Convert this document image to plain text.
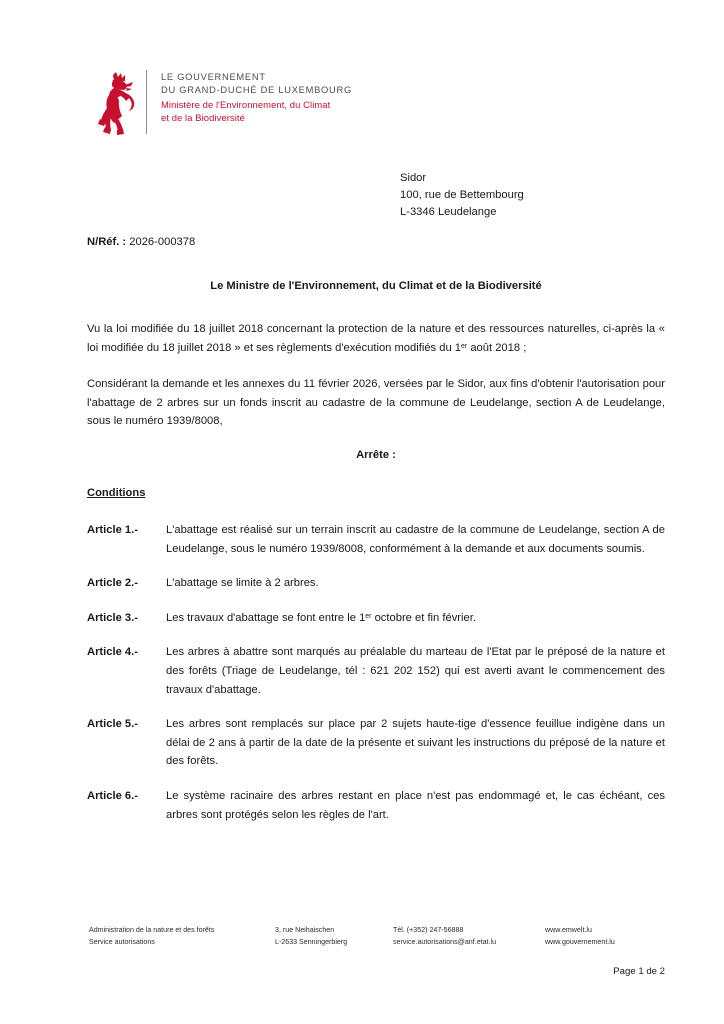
LE GOUVERNEMENT
DU GRAND-DUCHÉ DE LUXEMBOURG
Ministère de l'Environnement, du Climat
et de la Biodiversité
Sidor
100, rue de Bettembourg
L-3346 Leudelange
N/Réf. : 2026-000378
Le Ministre de l'Environnement, du Climat et de la Biodiversité

Vu la loi modifiée du 18 juillet 2018 concernant la protection de la nature et des ressources naturelles, ci-après la « loi modifiée du 18 juillet 2018 » et ses règlements d'exécution modifiés du 1er août 2018 ;

Considérant la demande et les annexes du 11 février 2026, versées par le Sidor, aux fins d'obtenir l'autorisation pour l'abattage de 2 arbres sur un fonds inscrit au cadastre de la commune de Leudelange, section A de Leudelange, sous le numéro 1939/8008,

Arrête :
Conditions
Article 1.-	L'abattage est réalisé sur un terrain inscrit au cadastre de la commune de Leudelange, section A de Leudelange, sous le numéro 1939/8008, conformément à la demande et aux documents soumis.
Article 2.-	L'abattage se limite à 2 arbres.
Article 3.-	Les travaux d'abattage se font entre le 1er octobre et fin février.
Article 4.-	Les arbres à abattre sont marqués au préalable du marteau de l'Etat par le préposé de la nature et des forêts (Triage de Leudelange, tél : 621 202 152) qui est averti avant le commencement des travaux d'abattage.
Article 5.-	Les arbres sont remplacés sur place par 2 sujets haute-tige d'essence feuillue indigène dans un délai de 2 ans à partir de la date de la présente et suivant les instructions du préposé de la nature et des forêts.
Article 6.-	Le système racinaire des arbres restant en place n'est pas endommagé et, le cas échéant, ces arbres sont protégés selon les règles de l'art.
Administration de la nature et des forêts
Service autorisations
3, rue Neihaischen
L-2633 Senningerbierg
Tél. (+352) 247-56888
service.autorisations@anf.etat.lu
www.emwelt.lu
www.gouvernement.lu
Page 1 de 2
